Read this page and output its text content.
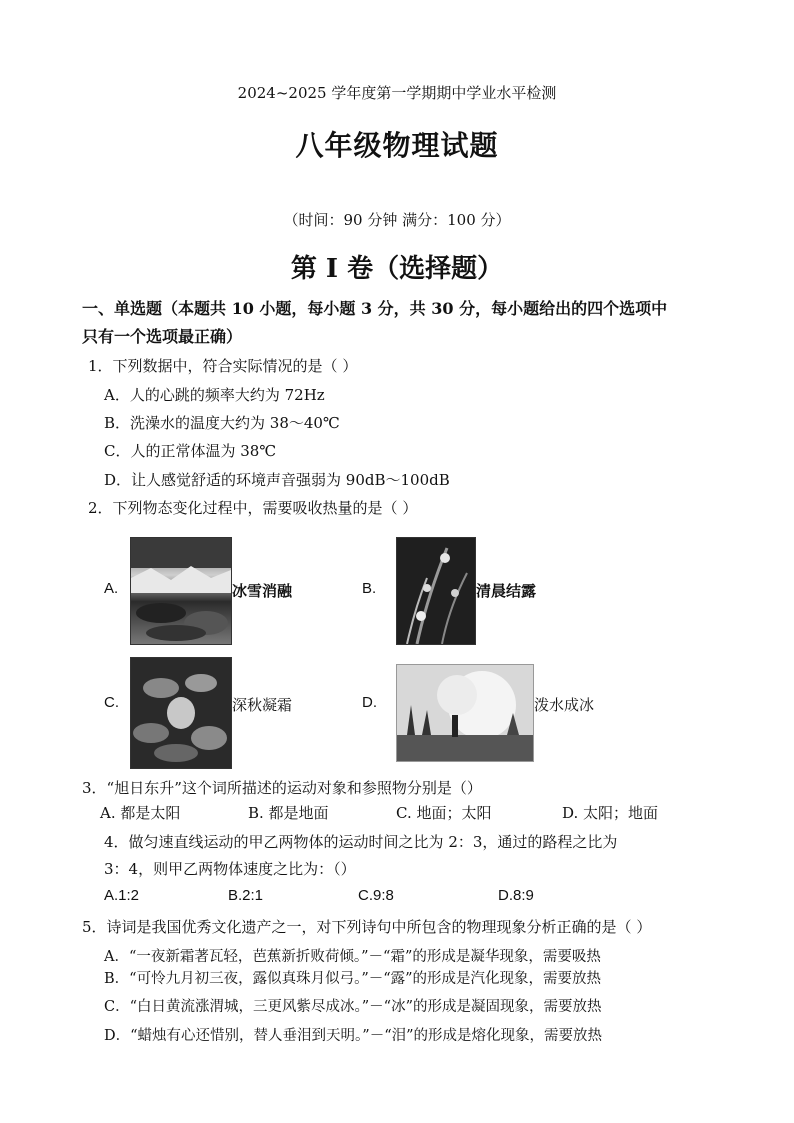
2024~2025 学年度第一学期期中学业水平检测
八年级物理试题
（时间：90 分钟 满分：100 分）
第 I 卷（选择题）
一、单选题（本题共 10 小题，每小题 3 分，共 30 分，每小题给出的四个选项中
只有一个选项最正确）
1．下列数据中，符合实际情况的是（ ）
A．人的心跳的频率大约为 72Hz
B．洗澡水的温度大约为 38～40℃
C．人的正常体温为 38℃
D．让人感觉舒适的环境声音强弱为 90dB～100dB
2．下列物态变化过程中，需要吸收热量的是（ ）
A.	冰雪消融	B.	清晨结露
C.	深秋凝霜	D.	泼水成冰
3．“旭日东升”这个词所描述的运动对象和参照物分别是（）
A. 都是太阳	B. 都是地面	C. 地面；太阳	D. 太阳；地面
4．做匀速直线运动的甲乙两物体的运动时间之比为 2：3，通过的路程之比为
3：4，则甲乙两物体速度之比为：（）
A.1:2	B.2:1	C.9:8	D.8:9
5．诗词是我国优秀文化遗产之一，对下列诗句中所包含的物理现象分析正确的是（ ）
A．“一夜新霜著瓦轻，芭蕉新折败荷倾。”－“霜”的形成是凝华现象，需要吸热
B．“可怜九月初三夜，露似真珠月似弓。”－“露”的形成是汽化现象，需要放热
C．“白日黄流涨渭城，三更风紫尽成冰。”－“冰”的形成是凝固现象，需要放热
D．“蜡烛有心还惜别，替人垂泪到天明。”－“泪”的形成是熔化现象，需要放热
